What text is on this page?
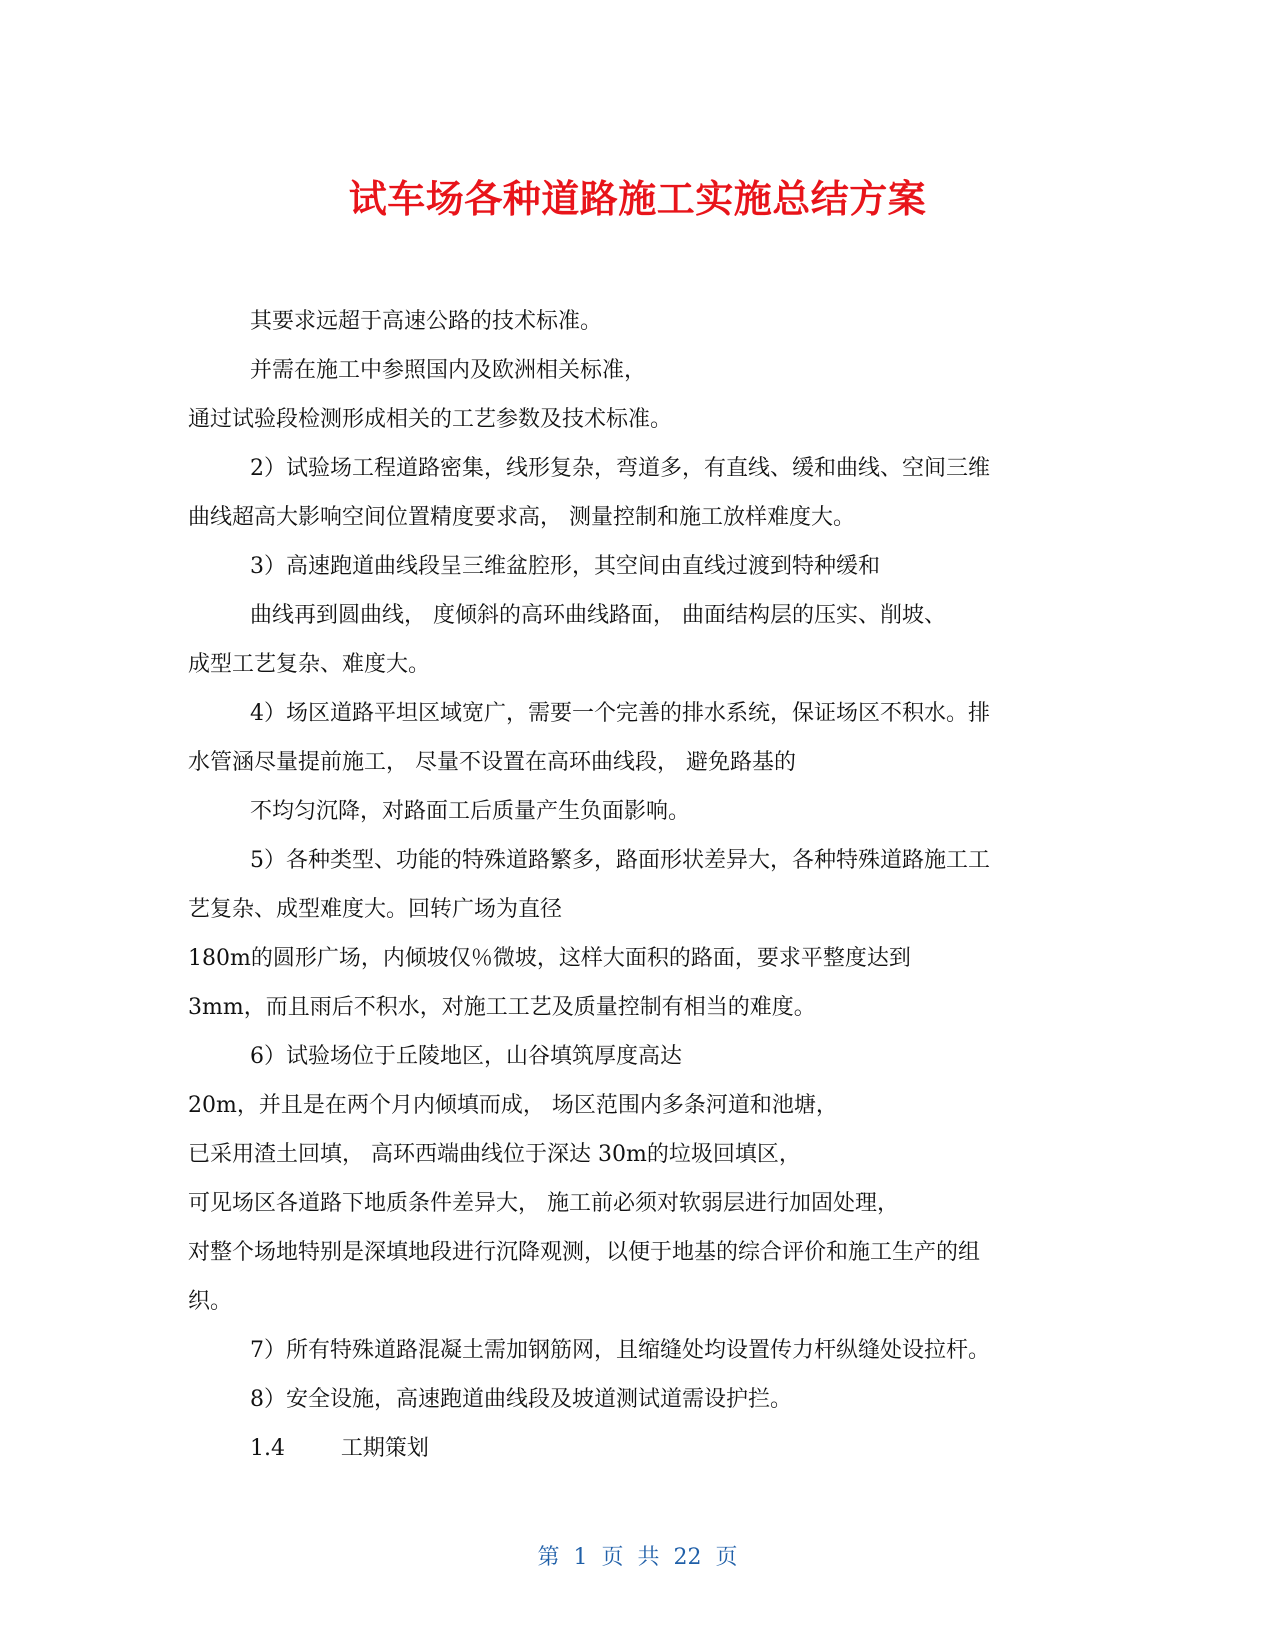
试车场各种道路施工实施总结方案

其要求远超于高速公路的技术标准。

并需在施工中参照国内及欧洲相关标准，

通过试验段检测形成相关的工艺参数及技术标准。

2）试验场工程道路密集，线形复杂，弯道多，有直线、缓和曲线、空间三维

曲线超高大影响空间位置精度要求高， 测量控制和施工放样难度大。

3）高速跑道曲线段呈三维盆腔形，其空间由直线过渡到特种缓和

曲线再到圆曲线， 度倾斜的高环曲线路面， 曲面结构层的压实、削坡、

成型工艺复杂、难度大。

4）场区道路平坦区域宽广，需要一个完善的排水系统，保证场区不积水。排

水管涵尽量提前施工， 尽量不设置在高环曲线段， 避免路基的

不均匀沉降，对路面工后质量产生负面影响。

5）各种类型、功能的特殊道路繁多，路面形状差异大，各种特殊道路施工工

艺复杂、成型难度大。回转广场为直径

180m的圆形广场，内倾坡仅％微坡，这样大面积的路面，要求平整度达到

3mm，而且雨后不积水，对施工工艺及质量控制有相当的难度。

6）试验场位于丘陵地区，山谷填筑厚度高达

20m，并且是在两个月内倾填而成， 场区范围内多条河道和池塘，

已采用渣土回填， 高环西端曲线位于深达 30m的垃圾回填区，

可见场区各道路下地质条件差异大， 施工前必须对软弱层进行加固处理，

对整个场地特别是深填地段进行沉降观测，以便于地基的综合评价和施工生产的组

织。

7）所有特殊道路混凝土需加钢筋网，且缩缝处均设置传力杆纵缝处设拉杆。

8）安全设施，高速跑道曲线段及坡道测试道需设护拦。

1.4        工期策划

第  1  页  共  22  页
